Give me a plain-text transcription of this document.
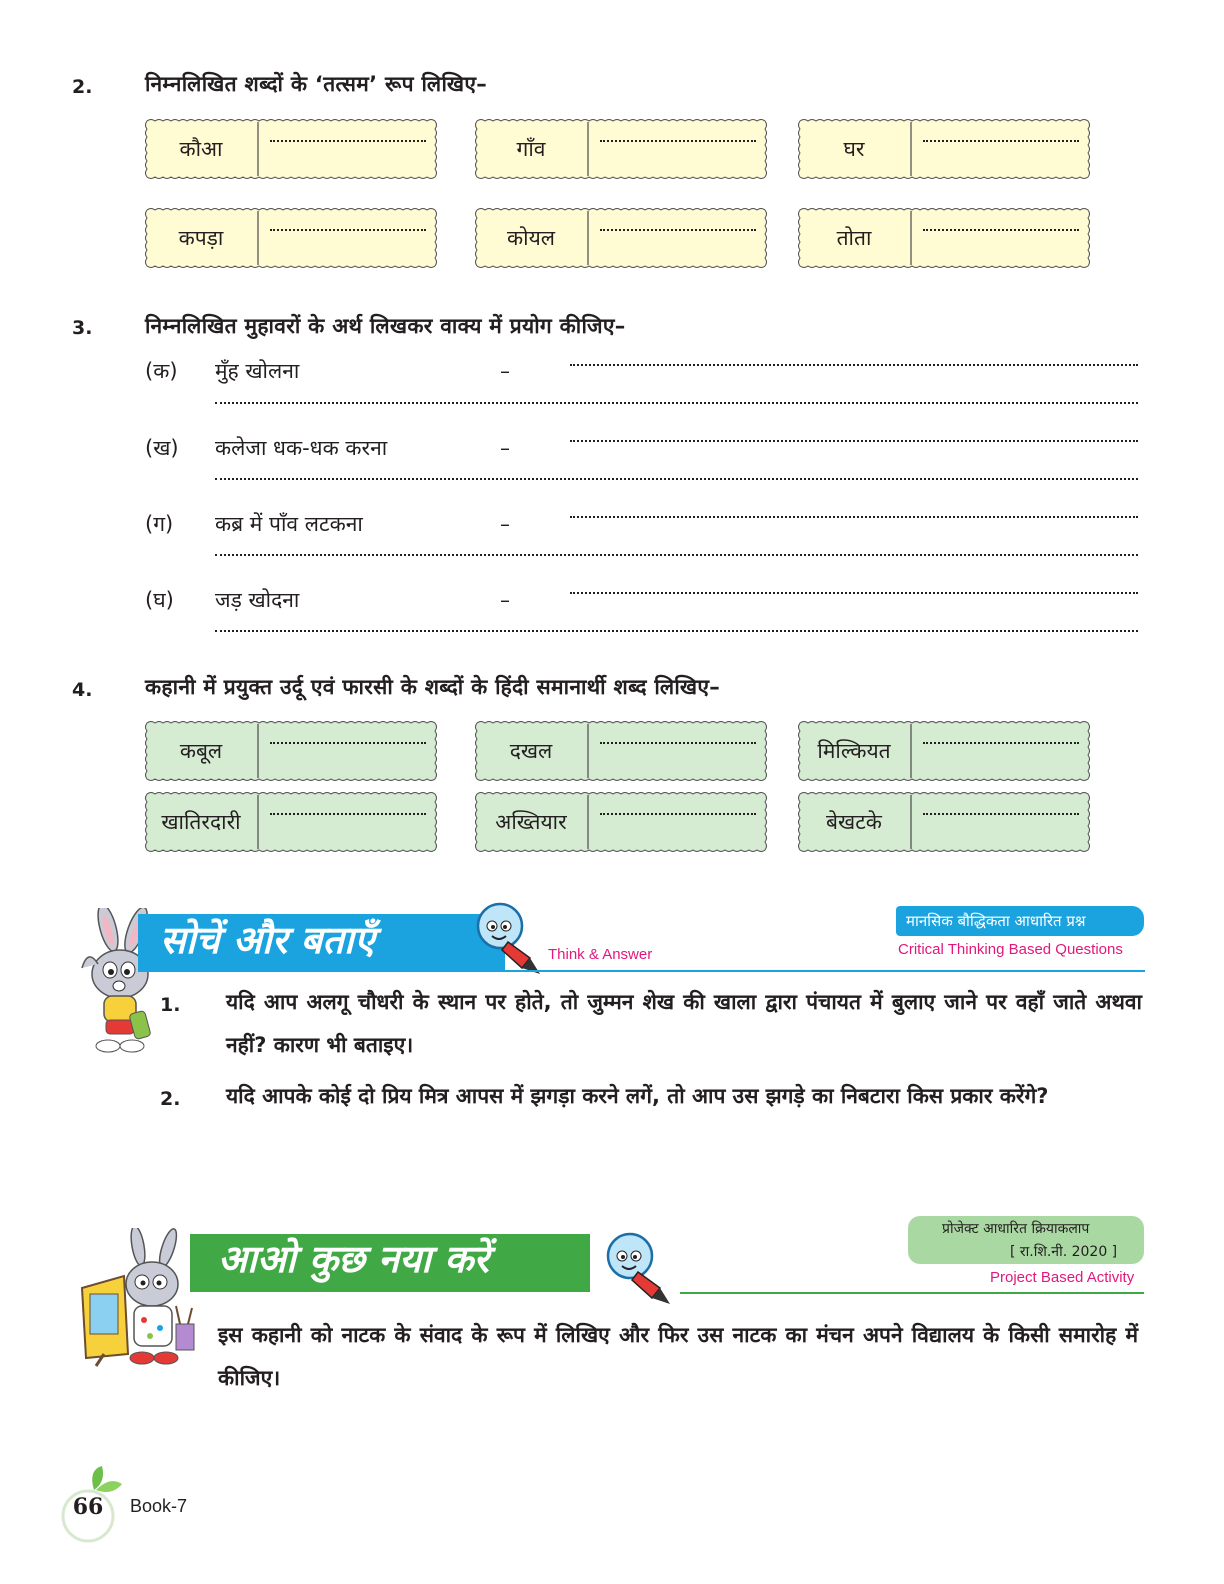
2.	निम्नलिखित शब्दों के ‘तत्सम’ रूप लिखिए–
कौआ	गाँव	घर
कपड़ा	कोयल	तोता
3.	निम्नलिखित मुहावरों के अर्थ लिखकर वाक्य में प्रयोग कीजिए–
(क) मुँह खोलना	–
(ख) कलेजा धक-धक करना	–
(ग) कब्र में पाँव लटकना	–
(घ) जड़ खोदना	–
4.	कहानी में प्रयुक्त उर्दू एवं फारसी के शब्दों के हिंदी समानार्थी शब्द लिखिए–
कबूल	दखल	मिल्कियत
खातिरदारी	अख्तियार	बेखटके
सोचें और बताएँ	Think & Answer
मानसिक बौद्धिकता आधारित प्रश्न
Critical Thinking Based Questions
1. यदि आप अलगू चौधरी के स्थान पर होते, तो जुम्मन शेख की खाला द्वारा पंचायत में बुलाए जाने पर वहाँ जाते अथवा नहीं? कारण भी बताइए।
2. यदि आपके कोई दो प्रिय मित्र आपस में झगड़ा करने लगें, तो आप उस झगड़े का निबटारा किस प्रकार करेंगे?
आओ कुछ नया करें
प्रोजेक्ट आधारित क्रियाकलाप
[ रा.शि.नी. 2020 ]
Project Based Activity
इस कहानी को नाटक के संवाद के रूप में लिखिए और फिर उस नाटक का मंचन अपने विद्यालय के किसी समारोह में कीजिए।
66	Book-7
